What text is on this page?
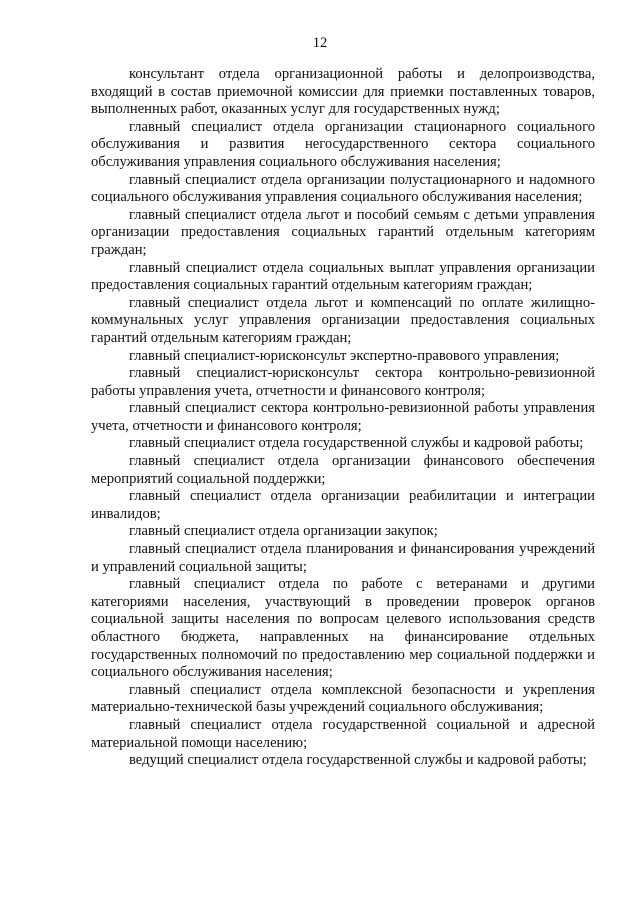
12

консультант отдела организационной работы и делопроизводства, входящий в состав приемочной комиссии для приемки поставленных товаров, выполненных работ, оказанных услуг для государственных нужд;

главный специалист отдела организации стационарного социального обслуживания и развития негосударственного сектора социального обслуживания управления социального обслуживания населения;

главный специалист отдела организации полустационарного и надомного социального обслуживания управления социального обслуживания населения;

главный специалист отдела льгот и пособий семьям с детьми управления организации предоставления социальных гарантий отдельным категориям граждан;

главный специалист отдела социальных выплат управления организации предоставления социальных гарантий отдельным категориям граждан;

главный специалист отдела льгот и компенсаций по оплате жилищно-коммунальных услуг управления организации предоставления социальных гарантий отдельным категориям граждан;

главный специалист-юрисконсульт экспертно-правового управления;

главный специалист-юрисконсульт сектора контрольно-ревизионной работы управления учета, отчетности и финансового контроля;

главный специалист сектора контрольно-ревизионной работы управления учета, отчетности и финансового контроля;

главный специалист отдела государственной службы и кадровой работы;

главный специалист отдела организации финансового обеспечения мероприятий социальной поддержки;

главный специалист отдела организации реабилитации и интеграции инвалидов;

главный специалист отдела организации закупок;

главный специалист отдела планирования и финансирования учреждений и управлений социальной защиты;

главный специалист отдела по работе с ветеранами и другими категориями населения, участвующий в проведении проверок органов социальной защиты населения по вопросам целевого использования средств областного бюджета, направленных на финансирование отдельных государственных полномочий по предоставлению мер социальной поддержки и социального обслуживания населения;

главный специалист отдела комплексной безопасности и укрепления материально-технической базы учреждений социального обслуживания;

главный специалист отдела государственной социальной и адресной материальной помощи населению;

ведущий специалист отдела государственной службы и кадровой работы;
